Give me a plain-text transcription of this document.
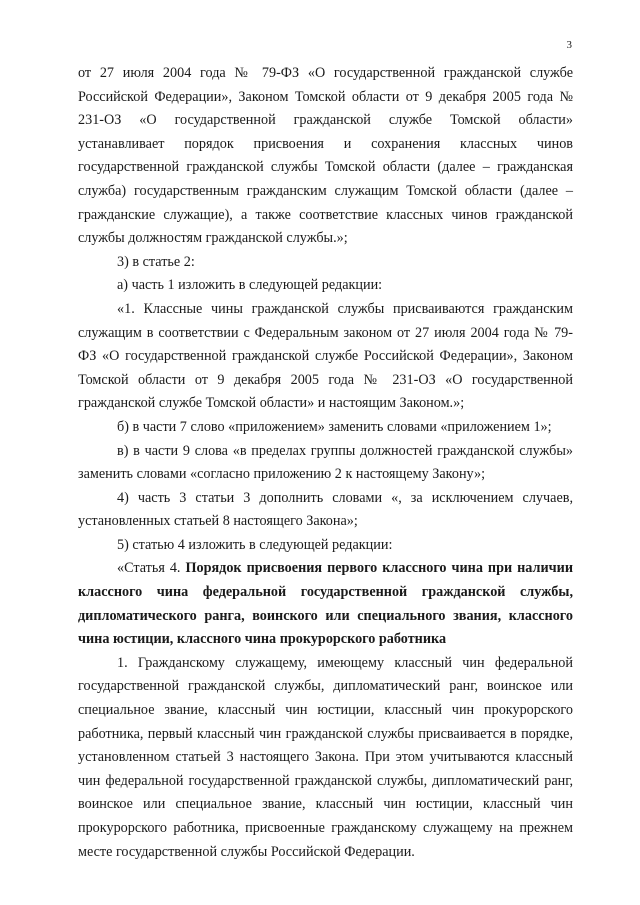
3

от 27 июля 2004 года № 79-ФЗ «О государственной гражданской службе Российской Федерации», Законом Томской области от 9 декабря 2005 года № 231-ОЗ «О государственной гражданской службе Томской области» устанавливает порядок присвоения и сохранения классных чинов государственной гражданской службы Томской области (далее – гражданская служба) государственным гражданским служащим Томской области (далее – гражданские служащие), а также соответствие классных чинов гражданской службы должностям гражданской службы.»;

3) в статье 2:

а) часть 1 изложить в следующей редакции:

«1. Классные чины гражданской службы присваиваются гражданским служащим в соответствии с Федеральным законом от 27 июля 2004 года № 79-ФЗ «О государственной гражданской службе Российской Федерации», Законом Томской области от 9 декабря 2005 года № 231-ОЗ «О государственной гражданской службе Томской области» и настоящим Законом.»;

б) в части 7 слово «приложением» заменить словами «приложением 1»;

в) в части 9 слова «в пределах группы должностей гражданской службы» заменить словами «согласно приложению 2 к настоящему Закону»;

4) часть 3 статьи 3 дополнить словами «, за исключением случаев, установленных статьей 8 настоящего Закона»;

5) статью 4 изложить в следующей редакции:

«Статья 4. Порядок присвоения первого классного чина при наличии классного чина федеральной государственной гражданской службы, дипломатического ранга, воинского или специального звания, классного чина юстиции, классного чина прокурорского работника

1. Гражданскому служащему, имеющему классный чин федеральной государственной гражданской службы, дипломатический ранг, воинское или специальное звание, классный чин юстиции, классный чин прокурорского работника, первый классный чин гражданской службы присваивается в порядке, установленном статьей 3 настоящего Закона. При этом учитываются классный чин федеральной государственной гражданской службы, дипломатический ранг, воинское или специальное звание, классный чин юстиции, классный чин прокурорского работника, присвоенные гражданскому служащему на прежнем месте государственной службы Российской Федерации.
